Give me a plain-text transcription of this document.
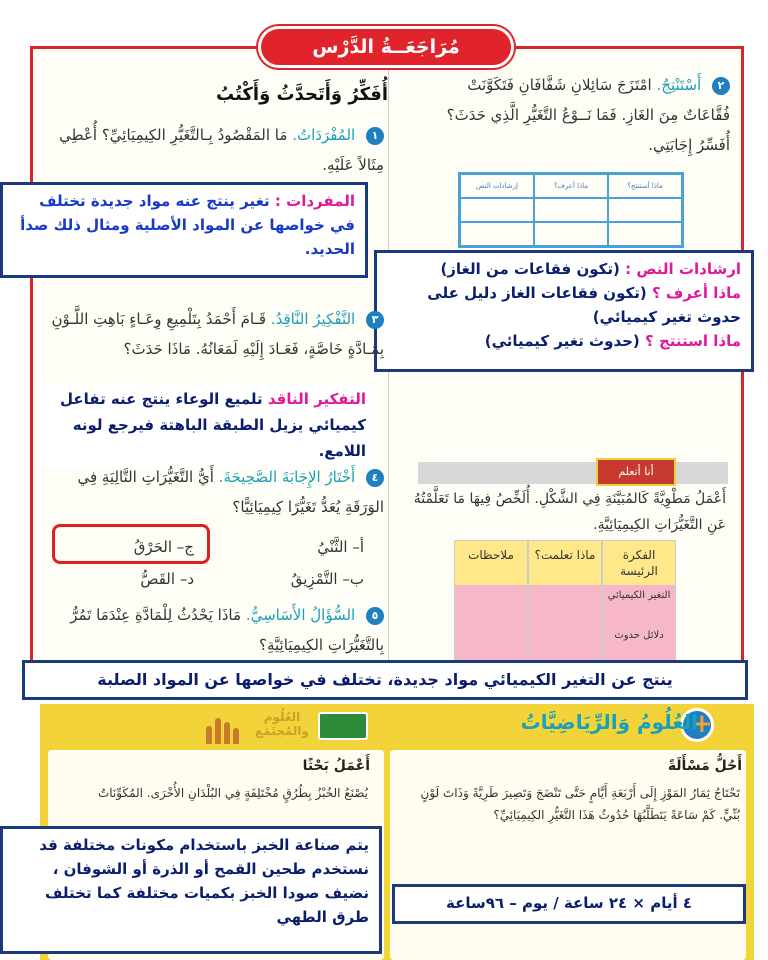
مُرَاجَعَــةُ الدَّرْس
٢ أَسْتَنْتِجُ. امْتَزَجَ سَائِلانِ شَفَّافَانِ فَتَكَوَّنَتْ فُقَّاعَاتٌ مِنَ الغَازِ. فَمَا نَــوْعُ التَّغَيُّرِ الَّذِي حَدَثَ؟ أُفَسِّرُ إِجَابَتِي.
ماذا أستنتج؟
ماذا أعرف؟
إرشادات النص
أُفَكِّرُ وَأَتَحدَّثُ وَأَكْتُبُ
١ المُفْرَدَاتُ. مَا المَقْصُودُ بِـالتَّغَيُّرِ الكِيمِيَائِيِّ؟ أُعْطِي مِثَالاً عَلَيْهِ.
المفردات : تغير ينتج عنه مواد جديدة تختلف في خواصها عن المواد الأصلية ومثال ذلك صدأ الحديد.
ارشادات النص : (تكون فقاعات من الغاز)
ماذا أعرف ؟ (تكون فقاعات الغاز دليل على حدوث تغير كيميائي)
ماذا استنتج ؟ (حدوث تغير كيميائي)
٣ التَّفْكِيرُ النَّاقِدُ. قَـامَ أَحْمَدُ بِتَلْمِيعِ وِعَـاءٍ بَاهِتِ اللَّـوْنِ بِمَـادَّةٍ خَاصَّةٍ، فَعَـادَ إِلَيْهِ لَمَعَانُهُ. مَاذَا حَدَثَ؟
التفكير الناقد تلميع الوعاء ينتج عنه تفاعل كيميائي يزيل الطبقة الباهتة فيرجع لونه اللامع.
٤ أَخْتَارُ الإِجَابَةَ الصَّحِيحَةَ. أَيُّ التَّغَيُّرَاتِ التَّالِيَةِ فِي الوَرَقَةِ يُعَدُّ تَغَيُّرًا كِيمِيَائِيًّا؟
أ– الثَّنْيُ
ج– الحَرْقُ
ب– التَّمْزِيقُ
د– القَصُّ
٥ السُّؤَالُ الأَسَاسِيُّ. مَاذَا يَحْدُثُ لِلْمَادَّةِ عِنْدَمَا تَمُرُّ بِالتَّغَيُّرَاتِ الكِيمِيَائِيَّةِ؟
أنا أتعلم
أَعْمَلُ مَطْوِيَّةً كَالمُبَيَّنَةِ فِي الشَّكْلِ. أُلَخِّصُ فِيهَا مَا تَعَلَّمْتُهُ عَنِ التَّغَيُّرَاتِ الكِيمِيَائِيَّةِ.
الفكرة الرئيسة
التغير الكيميائي
دلائل حدوث
ماذا تعلمت؟
ملاحظات
ينتج عن التغير الكيميائي مواد جديدة، تختلف في خواصها عن المواد الصلبة
+
العُلُومُ وَالرِّيَاضِيَّاتُ
العُلُوم والمُجتَمَع
أَحُلُّ مَسْأَلَةً
تَحْتَاجُ ثِمَارُ المَوْزِ إِلَى أَرْبَعَةِ أَيَّامٍ حَتَّى تَنْضَجَ وَتَصِيرَ طَرِيَّةً وَذَاتَ لَوْنٍ بُنِّيٍّ. كَمْ سَاعَةً يَتَطَلَّبُهَا حُدُوثُ هَذَا التَّغَيُّرِ الكِيمِيَائِيِّ؟
أَعْمَلُ بَحْثًا
يُصْنَعُ الخُبْزُ بِطُرُقٍ مُخْتَلِفَةٍ فِي البُلْدَانِ الأُخْرَى. المُكَوِّنَاتُ
٤ أيام × ٢٤ ساعة / يوم – ٩٦ساعة
يتم صناعة الخبز باستخدام مكونات مختلفة قد نستخدم طحين القمح أو الذرة أو الشوفان ، نضيف صودا الخبز بكميات مختلفة كما تختلف طرق الطهي
